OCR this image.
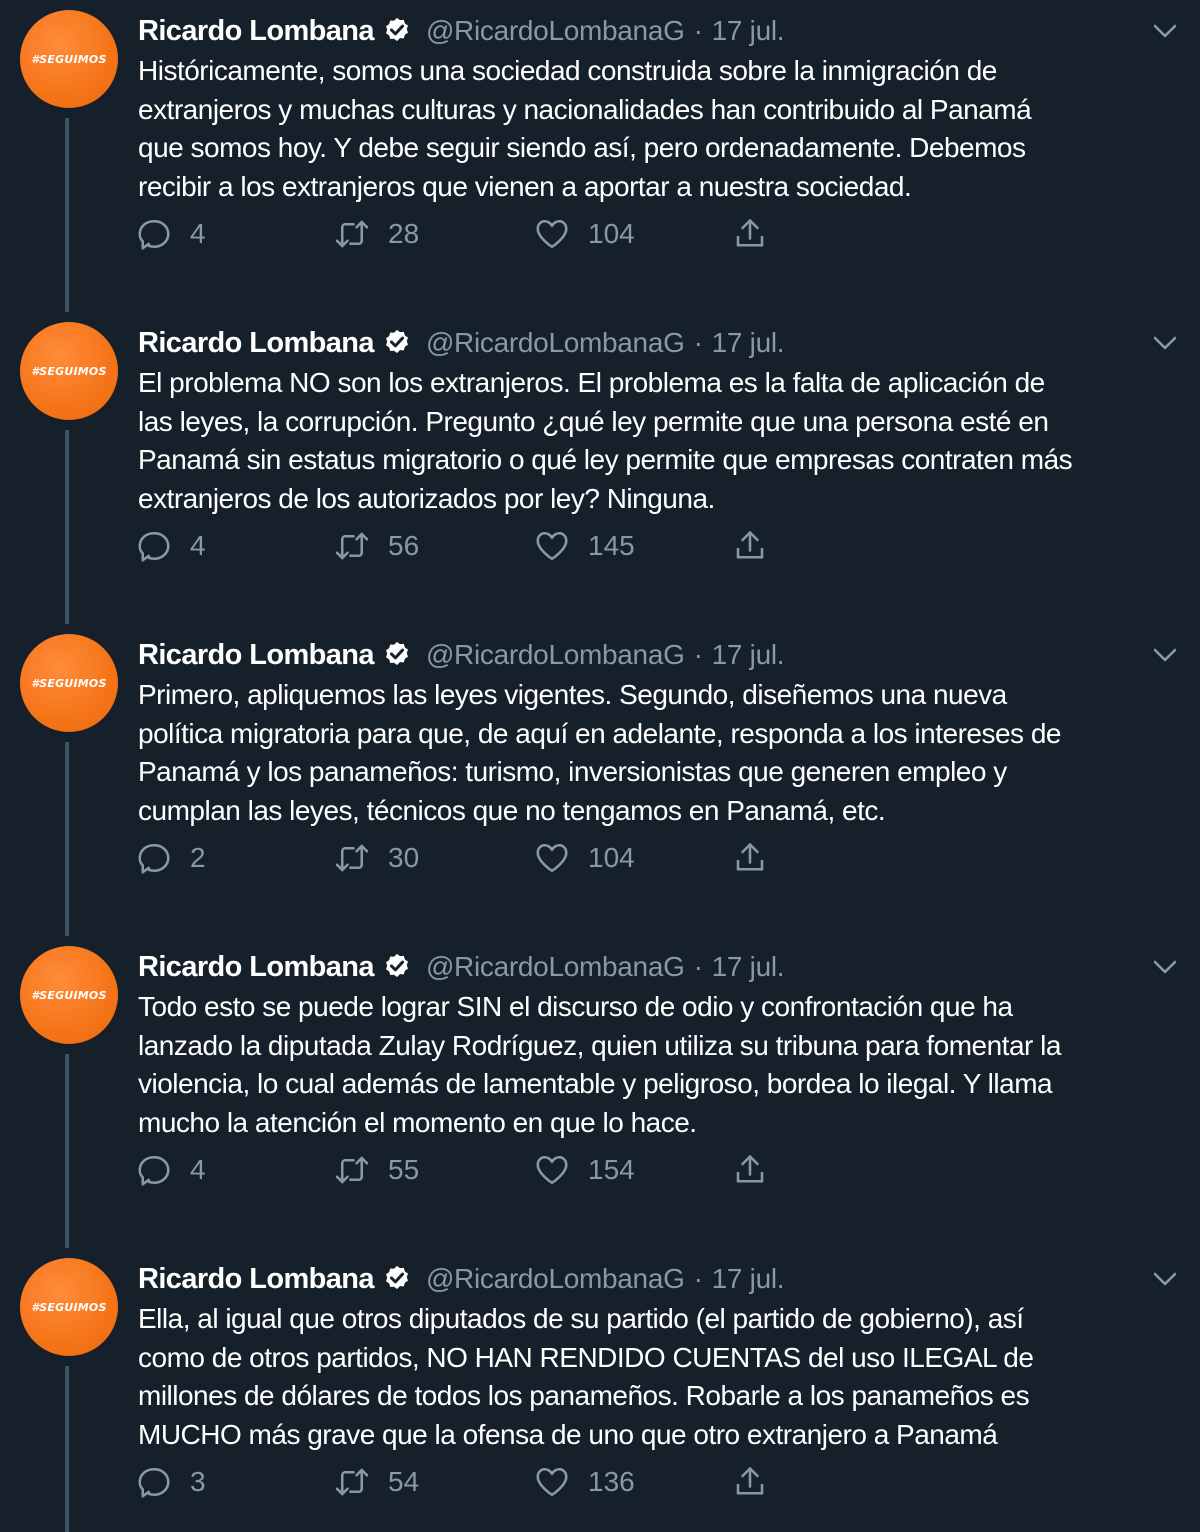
#SEGUIMOS
Ricardo Lombana @RicardoLombanaG · 17 jul.
Históricamente, somos una sociedad construida sobre la inmigración de
extranjeros y muchas culturas y nacionalidades han contribuido al Panamá
que somos hoy. Y debe seguir siendo así, pero ordenadamente. Debemos
recibir a los extranjeros que vienen a aportar a nuestra sociedad.
4	28	104
#SEGUIMOS
Ricardo Lombana @RicardoLombanaG · 17 jul.
El problema NO son los extranjeros. El problema es la falta de aplicación de
las leyes, la corrupción. Pregunto ¿qué ley permite que una persona esté en
Panamá sin estatus migratorio o qué ley permite que empresas contraten más
extranjeros de los autorizados por ley? Ninguna.
4	56	145
#SEGUIMOS
Ricardo Lombana @RicardoLombanaG · 17 jul.
Primero, apliquemos las leyes vigentes. Segundo, diseñemos una nueva
política migratoria para que, de aquí en adelante, responda a los intereses de
Panamá y los panameños: turismo, inversionistas que generen empleo y
cumplan las leyes, técnicos que no tengamos en Panamá, etc.
2	30	104
#SEGUIMOS
Ricardo Lombana @RicardoLombanaG · 17 jul.
Todo esto se puede lograr SIN el discurso de odio y confrontación que ha
lanzado la diputada Zulay Rodríguez, quien utiliza su tribuna para fomentar la
violencia, lo cual además de lamentable y peligroso, bordea lo ilegal. Y llama
mucho la atención el momento en que lo hace.
4	55	154
#SEGUIMOS
Ricardo Lombana @RicardoLombanaG · 17 jul.
Ella, al igual que otros diputados de su partido (el partido de gobierno), así
como de otros partidos, NO HAN RENDIDO CUENTAS del uso ILEGAL de
millones de dólares de todos los panameños. Robarle a los panameños es
MUCHO más grave que la ofensa de uno que otro extranjero a Panamá
3	54	136
